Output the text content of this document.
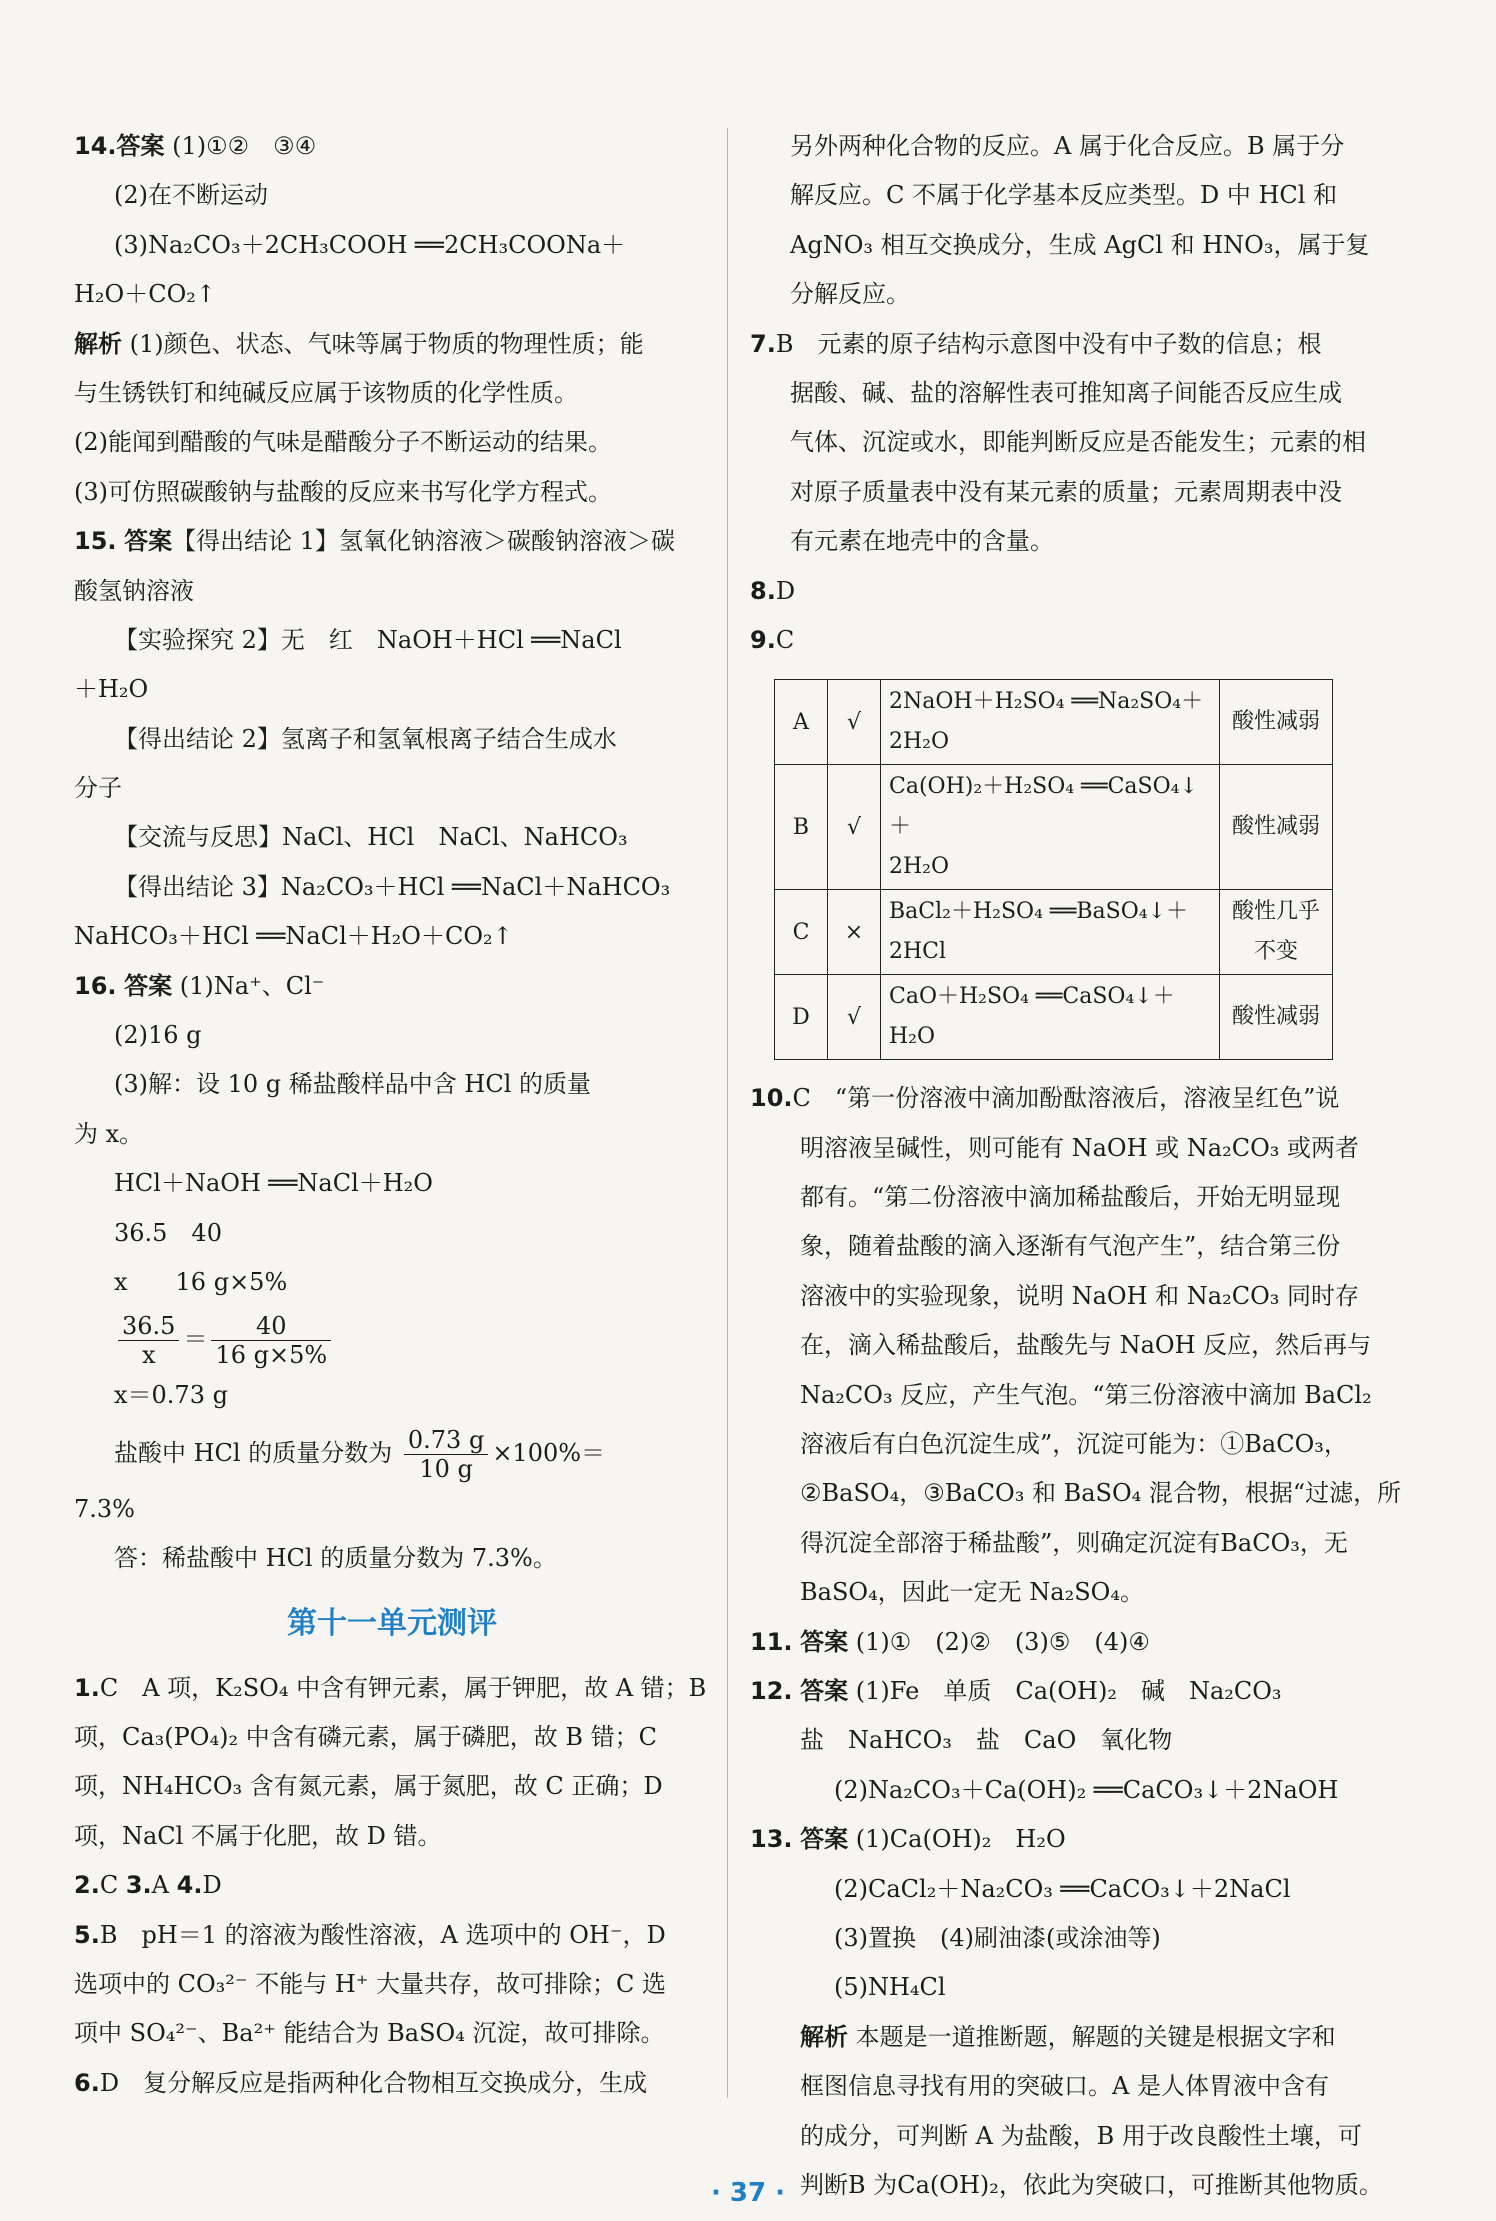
14.答案 (1)①②　③④
(2)在不断运动
(3)Na₂CO₃＋2CH₃COOH ══2CH₃COONa＋
H₂O＋CO₂↑
解析 (1)颜色、状态、气味等属于物质的物理性质；能
与生锈铁钉和纯碱反应属于该物质的化学性质。
(2)能闻到醋酸的气味是醋酸分子不断运动的结果。
(3)可仿照碳酸钠与盐酸的反应来书写化学方程式。
15. 答案【得出结论 1】氢氧化钠溶液＞碳酸钠溶液＞碳
酸氢钠溶液
【实验探究 2】无　红　NaOH＋HCl ══NaCl
＋H₂O
【得出结论 2】氢离子和氢氧根离子结合生成水
分子
【交流与反思】NaCl、HCl　NaCl、NaHCO₃
【得出结论 3】Na₂CO₃＋HCl ══NaCl＋NaHCO₃
NaHCO₃＋HCl ══NaCl＋H₂O＋CO₂↑
16. 答案 (1)Na⁺、Cl⁻
(2)16 g
(3)解：设 10 g 稀盐酸样品中含 HCl 的质量
为 x。
HCl＋NaOH ══NaCl＋H₂O
36.5　40
x　　16 g×5%
$\frac{36.5}{x} = \frac{40}{16 g\times 5\%}$
x＝0.73 g
盐酸中 HCl 的质量分数为 $\frac{0.73 g}{10 g} \times 100\%=$
7.3%
答：稀盐酸中 HCl 的质量分数为 7.3%。
第十一单元测评
1.C　A 项，K₂SO₄ 中含有钾元素，属于钾肥，故 A 错；B
项，Ca₃(PO₄)₂ 中含有磷元素，属于磷肥，故 B 错；C
项，NH₄HCO₃ 含有氮元素，属于氮肥，故 C 正确；D
项，NaCl 不属于化肥，故 D 错。
2.C 3.A 4.D
5.B　pH＝1 的溶液为酸性溶液，A 选项中的 OH⁻，D
选项中的 CO₃²⁻ 不能与 H⁺ 大量共存，故可排除；C 选
项中 SO₄²⁻、Ba²⁺ 能结合为 BaSO₄ 沉淀，故可排除。
6.D　复分解反应是指两种化合物相互交换成分，生成
另外两种化合物的反应。A 属于化合反应。B 属于分
解反应。C 不属于化学基本反应类型。D 中 HCl 和
AgNO₃ 相互交换成分，生成 AgCl 和 HNO₃，属于复
分解反应。
7.B　元素的原子结构示意图中没有中子数的信息；根
据酸、碱、盐的溶解性表可推知离子间能否反应生成
气体、沉淀或水，即能判断反应是否能发生；元素的相
对原子质量表中没有某元素的质量；元素周期表中没
有元素在地壳中的含量。
8.D
9.C
A	√	2NaOH＋H₂SO₄ ══Na₂SO₄＋
2H₂O	酸性减弱
B	√	Ca(OH)₂＋H₂SO₄ ══CaSO₄↓＋
2H₂O	酸性减弱
C	×	BaCl₂＋H₂SO₄ ══BaSO₄↓＋
2HCl	酸性几乎不变
D	√	CaO＋H₂SO₄ ══CaSO₄↓＋
H₂O	酸性减弱
10.C　“第一份溶液中滴加酚酞溶液后，溶液呈红色”说
明溶液呈碱性，则可能有 NaOH 或 Na₂CO₃ 或两者
都有。“第二份溶液中滴加稀盐酸后，开始无明显现
象，随着盐酸的滴入逐渐有气泡产生”，结合第三份
溶液中的实验现象，说明 NaOH 和 Na₂CO₃ 同时存
在，滴入稀盐酸后，盐酸先与 NaOH 反应，然后再与
Na₂CO₃ 反应，产生气泡。“第三份溶液中滴加 BaCl₂
溶液后有白色沉淀生成”，沉淀可能为：①BaCO₃，
②BaSO₄，③BaCO₃ 和 BaSO₄ 混合物，根据“过滤，所
得沉淀全部溶于稀盐酸”，则确定沉淀有BaCO₃，无
BaSO₄，因此一定无 Na₂SO₄。
11. 答案 (1)①　(2)②　(3)⑤　(4)④
12. 答案 (1)Fe　单质　Ca(OH)₂　碱　Na₂CO₃
盐　NaHCO₃　盐　CaO　氧化物
(2)Na₂CO₃＋Ca(OH)₂ ══CaCO₃↓＋2NaOH
13. 答案 (1)Ca(OH)₂　H₂O
(2)CaCl₂＋Na₂CO₃ ══CaCO₃↓＋2NaCl
(3)置换　(4)刷油漆(或涂油等)
(5)NH₄Cl
解析 本题是一道推断题，解题的关键是根据文字和
框图信息寻找有用的突破口。A 是人体胃液中含有
的成分，可判断 A 为盐酸，B 用于改良酸性土壤，可
判断B 为Ca(OH)₂，依此为突破口，可推断其他物质。
· 37 ·
